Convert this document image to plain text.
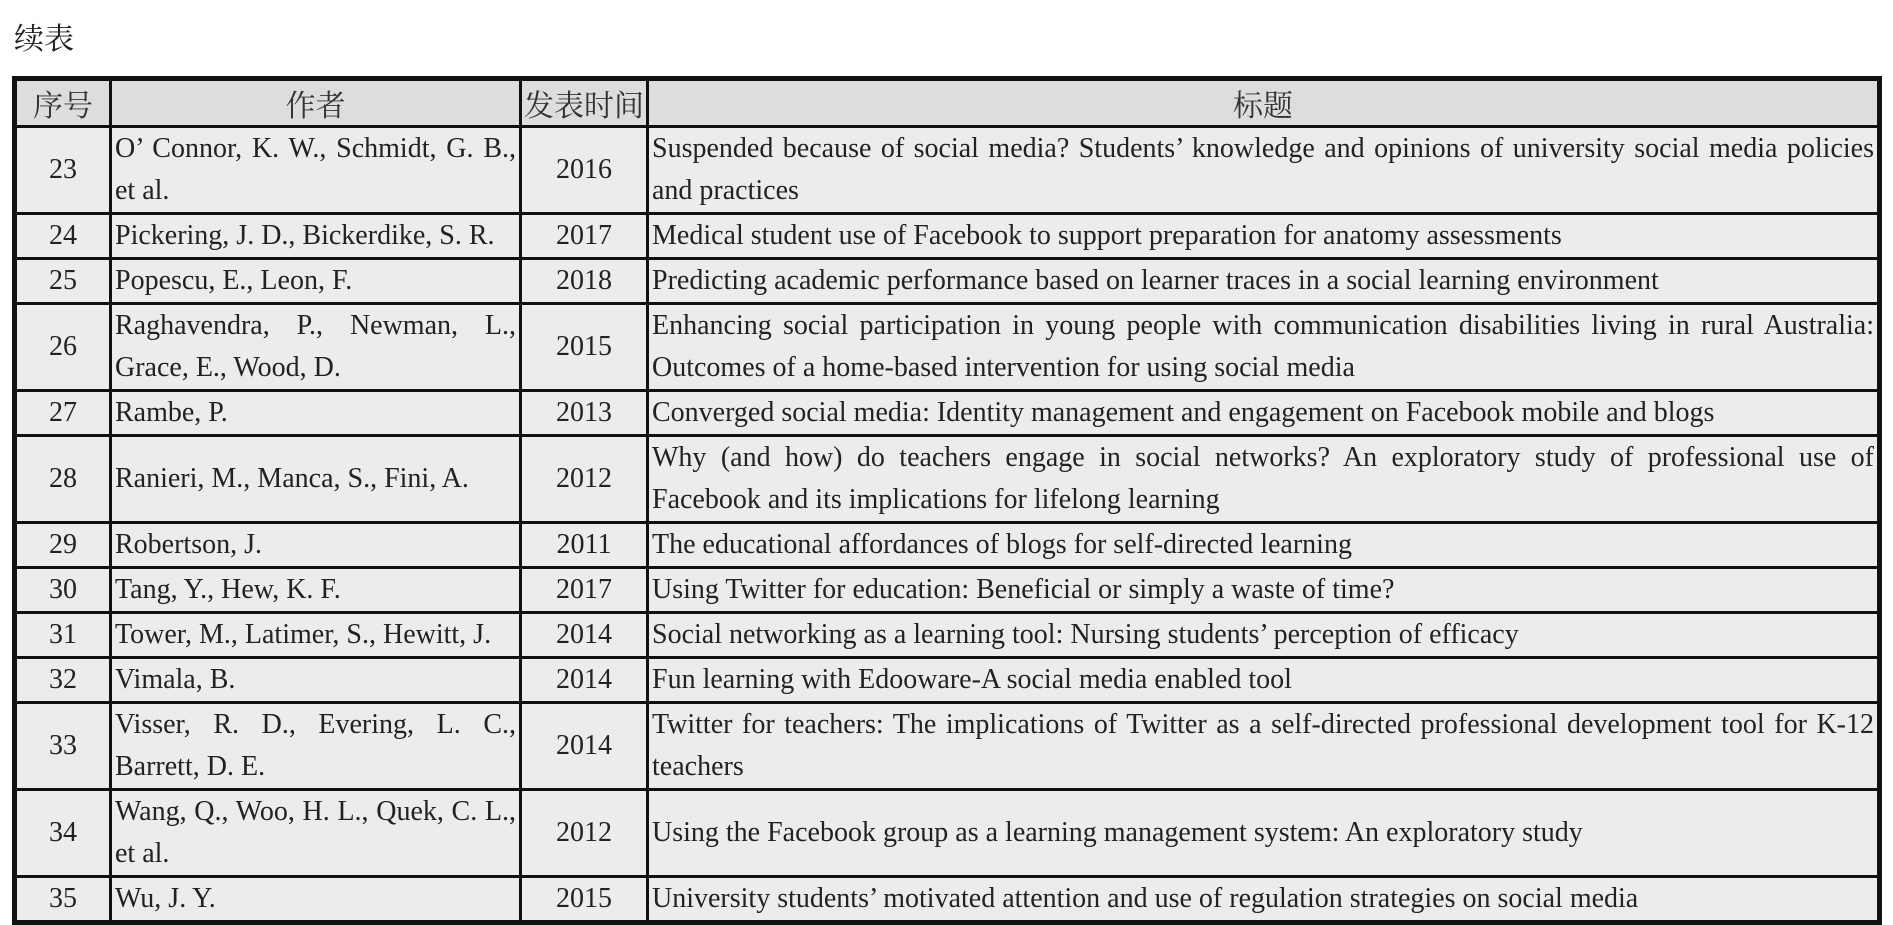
续表
序号	作者	发表时间	标题
23	O’ Connor, K. W., Schmidt, G. B., et al.	2016	Suspended because of social media? Students’ knowledge and opinions of university social media policies and practices
24	Pickering, J. D., Bickerdike, S. R.	2017	Medical student use of Facebook to support preparation for anatomy assessments
25	Popescu, E., Leon, F.	2018	Predicting academic performance based on learner traces in a social learning environment
26	Raghavendra, P., Newman, L., Grace, E., Wood, D.	2015	Enhancing social participation in young people with communication disabilities living in rural Australia: Outcomes of a home-based intervention for using social media
27	Rambe, P.	2013	Converged social media: Identity management and engagement on Facebook mobile and blogs
28	Ranieri, M., Manca, S., Fini, A.	2012	Why (and how) do teachers engage in social networks? An exploratory study of professional use of Facebook and its implications for lifelong learning
29	Robertson, J.	2011	The educational affordances of blogs for self-directed learning
30	Tang, Y., Hew, K. F.	2017	Using Twitter for education: Beneficial or simply a waste of time?
31	Tower, M., Latimer, S., Hewitt, J.	2014	Social networking as a learning tool: Nursing students’ perception of efficacy
32	Vimala, B.	2014	Fun learning with Edooware-A social media enabled tool
33	Visser, R. D., Evering, L. C., Barrett, D. E.	2014	Twitter for teachers: The implications of Twitter as a self-directed professional development tool for K-12 teachers
34	Wang, Q., Woo, H. L., Quek, C. L., et al.	2012	Using the Facebook group as a learning management system: An exploratory study
35	Wu, J. Y.	2015	University students’ motivated attention and use of regulation strategies on social media
